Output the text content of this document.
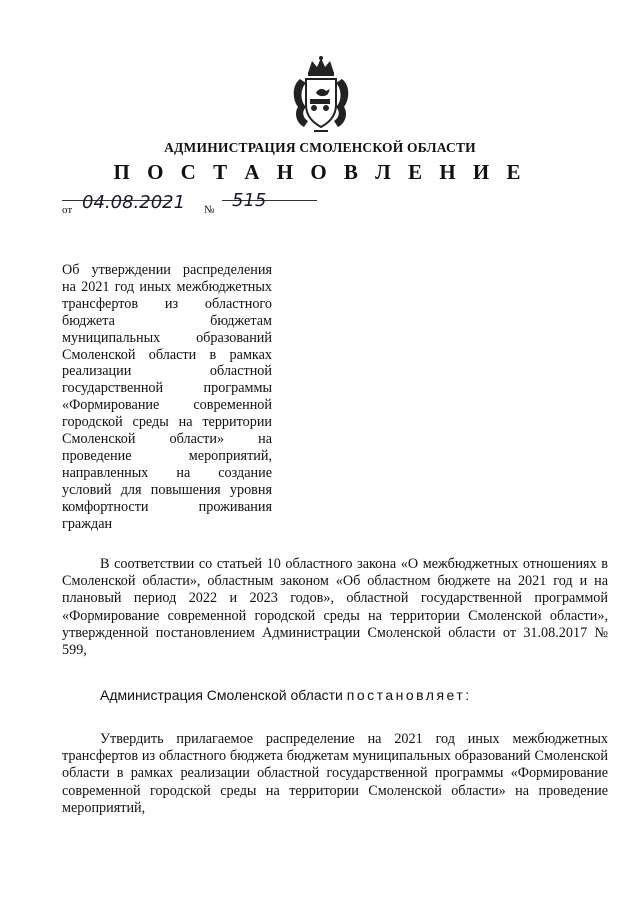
АДМИНИСТРАЦИЯ СМОЛЕНСКОЙ ОБЛАСТИ
П О С Т А Н О В Л Е Н И Е
от 04.08.2021 № 515
Об утверждении распределения на 2021 год иных межбюджетных трансфертов из областного бюджета бюджетам муниципальных образований Смоленской области в рамках реализации областной государственной программы «Формирование современной городской среды на территории Смоленской области» на проведение мероприятий, направленных на создание условий для повышения уровня комфортности проживания граждан
В соответствии со статьей 10 областного закона «О межбюджетных отношениях в Смоленской области», областным законом «Об областном бюджете на 2021 год и на плановый период 2022 и 2023 годов», областной государственной программой «Формирование современной городской среды на территории Смоленской области», утвержденной постановлением Администрации Смоленской области от 31.08.2017 № 599,
Администрация Смоленской области постановляет:
Утвердить прилагаемое распределение на 2021 год иных межбюджетных трансфертов из областного бюджета бюджетам муниципальных образований Смоленской области в рамках реализации областной государственной программы «Формирование современной городской среды на территории Смоленской области» на проведение мероприятий,
